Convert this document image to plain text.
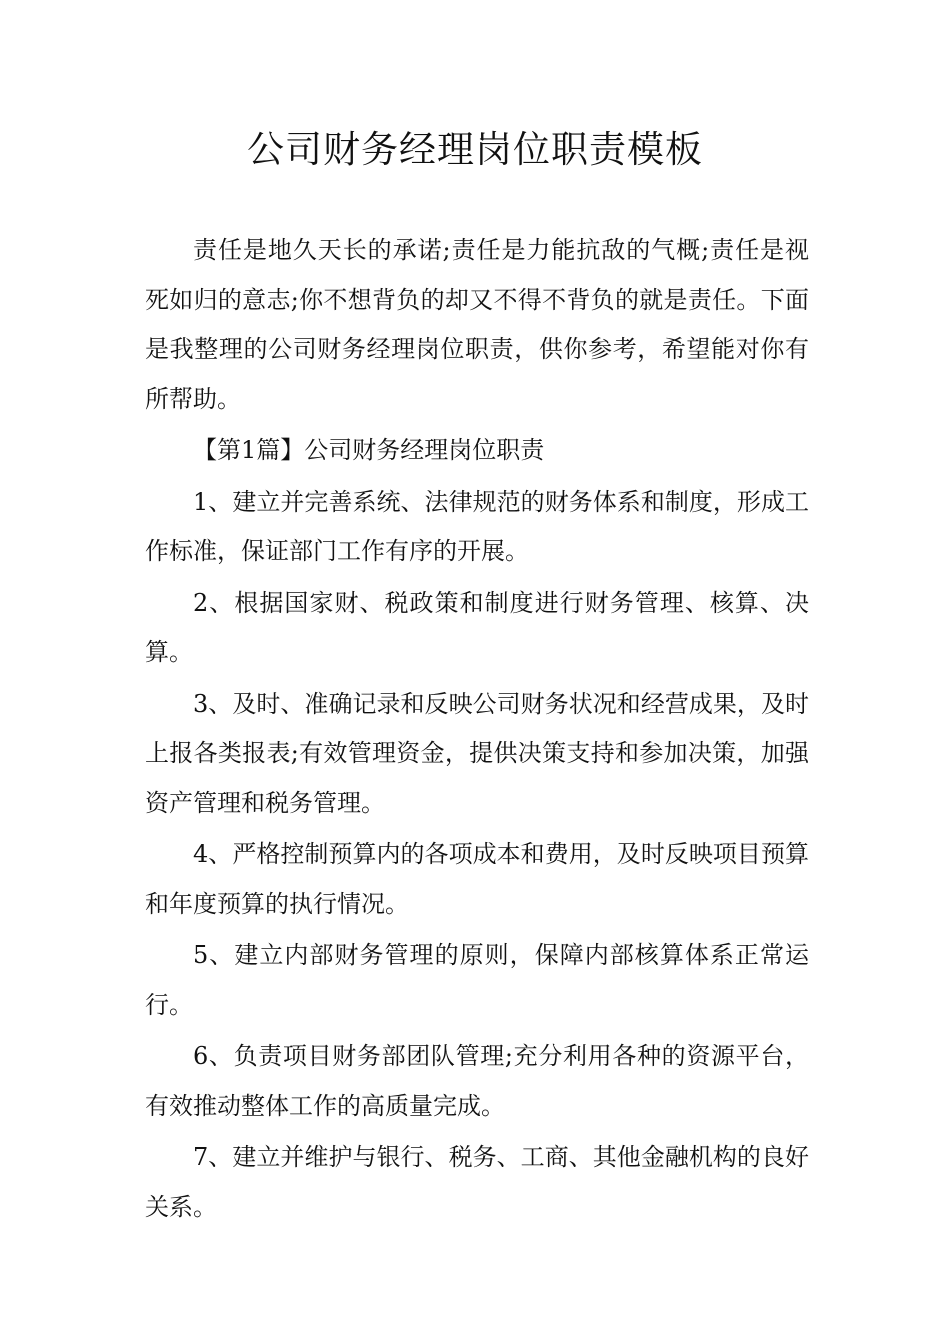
公司财务经理岗位职责模板

责任是地久天长的承诺;责任是力能抗敌的气概;责任是视死如归的意志;你不想背负的却又不得不背负的就是责任。下面是我整理的公司财务经理岗位职责，供你参考，希望能对你有所帮助。

【第1篇】公司财务经理岗位职责

1、建立并完善系统、法律规范的财务体系和制度，形成工作标准，保证部门工作有序的开展。

2、根据国家财、税政策和制度进行财务管理、核算、决算。

3、及时、准确记录和反映公司财务状况和经营成果，及时上报各类报表;有效管理资金，提供决策支持和参加决策，加强资产管理和税务管理。

4、严格控制预算内的各项成本和费用，及时反映项目预算和年度预算的执行情况。

5、建立内部财务管理的原则，保障内部核算体系正常运行。

6、负责项目财务部团队管理;充分利用各种的资源平台，有效推动整体工作的高质量完成。

7、建立并维护与银行、税务、工商、其他金融机构的良好关系。
